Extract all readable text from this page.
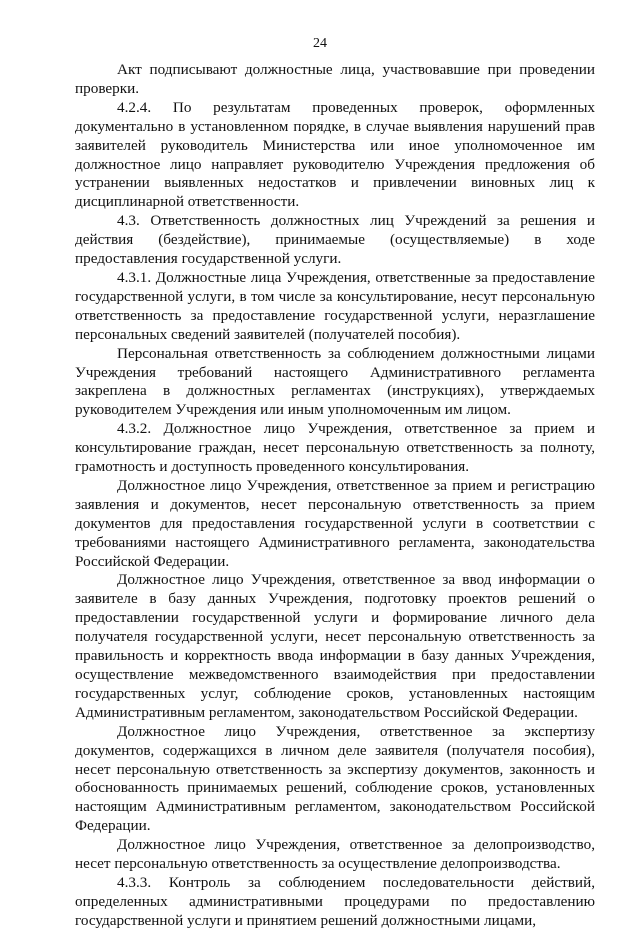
24

Акт подписывают должностные лица, участвовавшие при проведении проверки.

4.2.4. По результатам проведенных проверок, оформленных документально в установленном порядке, в случае выявления нарушений прав заявителей руководитель Министерства или иное уполномоченное им должностное лицо направляет руководителю Учреждения предложения об устранении выявленных недостатков и привлечении виновных лиц к дисциплинарной ответственности.

4.3. Ответственность должностных лиц Учреждений за решения и действия (бездействие), принимаемые (осуществляемые) в ходе предоставления государственной услуги.

4.3.1. Должностные лица Учреждения, ответственные за предоставление государственной услуги, в том числе за консультирование, несут персональную ответственность за предоставление государственной услуги, неразглашение персональных сведений заявителей (получателей пособия).

Персональная ответственность за соблюдением должностными лицами Учреждения требований настоящего Административного регламента закреплена в должностных регламентах (инструкциях), утверждаемых руководителем Учреждения или иным уполномоченным им лицом.

4.3.2. Должностное лицо Учреждения, ответственное за прием и консультирование граждан, несет персональную ответственность за полноту, грамотность и доступность проведенного консультирования.

Должностное лицо Учреждения, ответственное за прием и регистрацию заявления и документов, несет персональную ответственность за прием документов для предоставления государственной услуги в соответствии с требованиями настоящего Административного регламента, законодательства Российской Федерации.

Должностное лицо Учреждения, ответственное за ввод информации о заявителе в базу данных Учреждения, подготовку проектов решений о предоставлении государственной услуги и формирование личного дела получателя государственной услуги, несет персональную ответственность за правильность и корректность ввода информации в базу данных Учреждения, осуществление межведомственного взаимодействия при предоставлении государственных услуг, соблюдение сроков, установленных настоящим Административным регламентом, законодательством Российской Федерации.

Должностное лицо Учреждения, ответственное за экспертизу документов, содержащихся в личном деле заявителя (получателя пособия), несет персональную ответственность за экспертизу документов, законность и обоснованность принимаемых решений, соблюдение сроков, установленных настоящим Административным регламентом, законодательством Российской Федерации.

Должностное лицо Учреждения, ответственное за делопроизводство, несет персональную ответственность за осуществление делопроизводства.

4.3.3. Контроль за соблюдением последовательности действий, определенных административными процедурами по предоставлению государственной услуги и принятием решений должностными лицами,
